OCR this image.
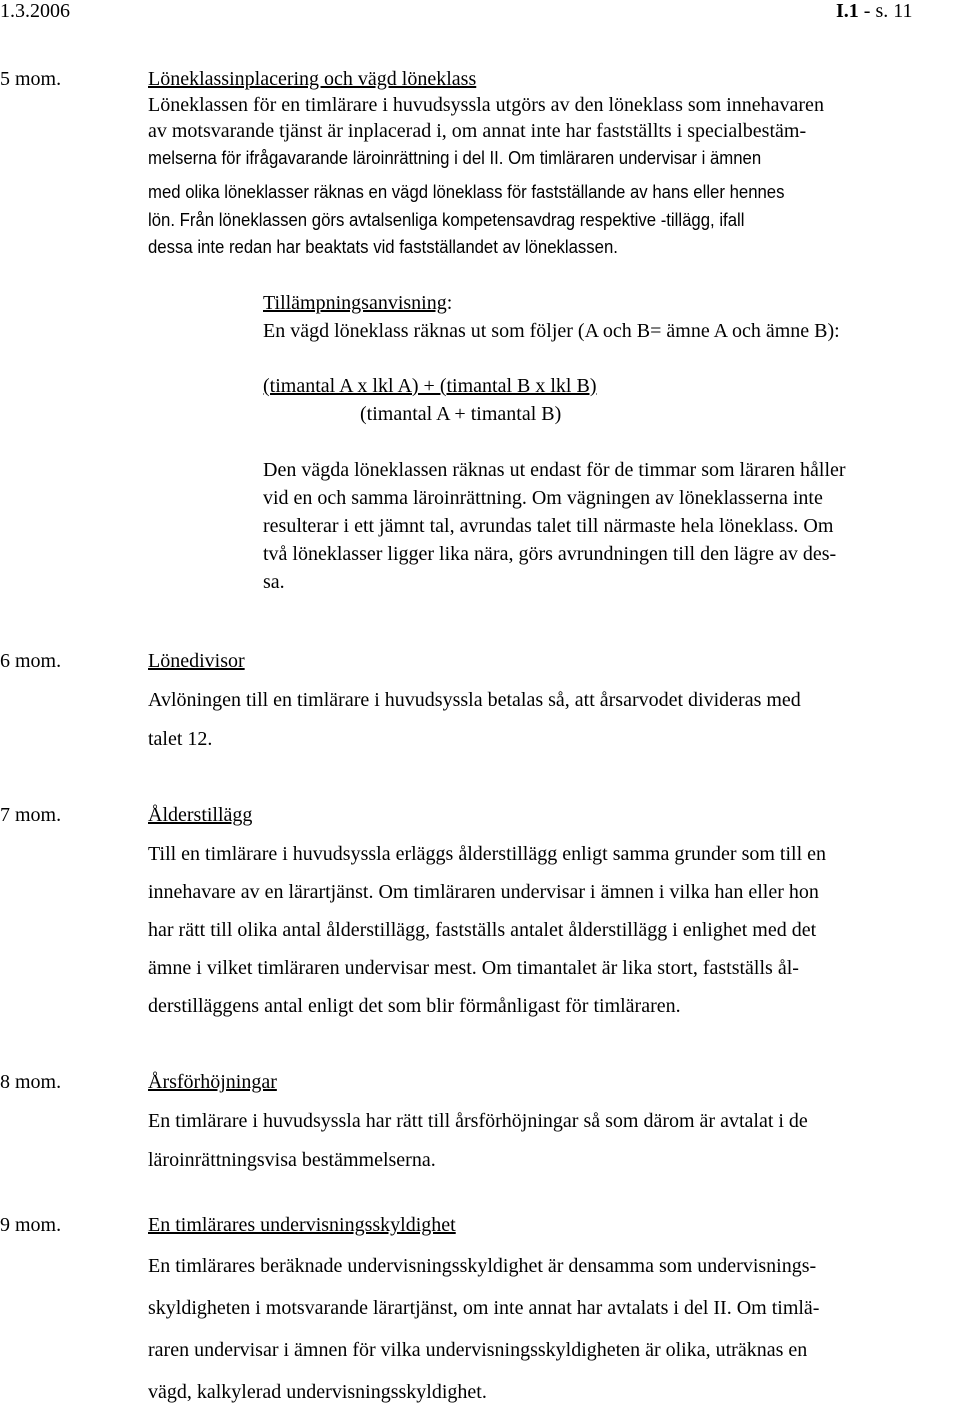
1.3.2006	I.1 - s. 11
5 mom.	Löneklassinplacering och vägd löneklass
Löneklassen för en timlärare i huvudsyssla utgörs av den löneklass som innehavaren
av motsvarande tjänst är inplacerad i, om annat inte har fastställts i specialbestäm-
melserna för ifrågavarande läroinrättning i del II. Om timläraren undervisar i ämnen
med olika löneklasser räknas en vägd löneklass för fastställande av hans eller hennes
lön. Från löneklassen görs avtalsenliga kompetensavdrag respektive -tillägg, ifall
dessa inte redan har beaktats vid fastställandet av löneklassen.
Tillämpningsanvisning:
En vägd löneklass räknas ut som följer (A och B= ämne A och ämne B):
(timantal A x lkl A) + (timantal B x lkl B)
(timantal A + timantal B)
Den vägda löneklassen räknas ut endast för de timmar som läraren håller
vid en och samma läroinrättning. Om vägningen av löneklasserna inte
resulterar i ett jämnt tal, avrundas talet till närmaste hela löneklass. Om
två löneklasser ligger lika nära, görs avrundningen till den lägre av des-
sa.
6 mom.	Lönedivisor
Avlöningen till en timlärare i huvudsyssla betalas så, att årsarvodet divideras med
talet 12.
7 mom.	Ålderstillägg
Till en timlärare i huvudsyssla erläggs ålderstillägg enligt samma grunder som till en
innehavare av en lärartjänst. Om timläraren undervisar i ämnen i vilka han eller hon
har rätt till olika antal ålderstillägg, fastställs antalet ålderstillägg i enlighet med det
ämne i vilket timläraren undervisar mest. Om timantalet är lika stort, fastställs ål-
derstilläggens antal enligt det som blir förmånligast för timläraren.
8 mom.	Årsförhöjningar
En timlärare i huvudsyssla har rätt till årsförhöjningar så som därom är avtalat i de
läroinrättningsvisa bestämmelserna.
9 mom.	En timlärares undervisningsskyldighet
En timlärares beräknade undervisningsskyldighet är densamma som undervisnings-
skyldigheten i motsvarande lärartjänst, om inte annat har avtalats i del II. Om timlä-
raren undervisar i ämnen för vilka undervisningsskyldigheten är olika, uträknas en
vägd, kalkylerad undervisningsskyldighet.
